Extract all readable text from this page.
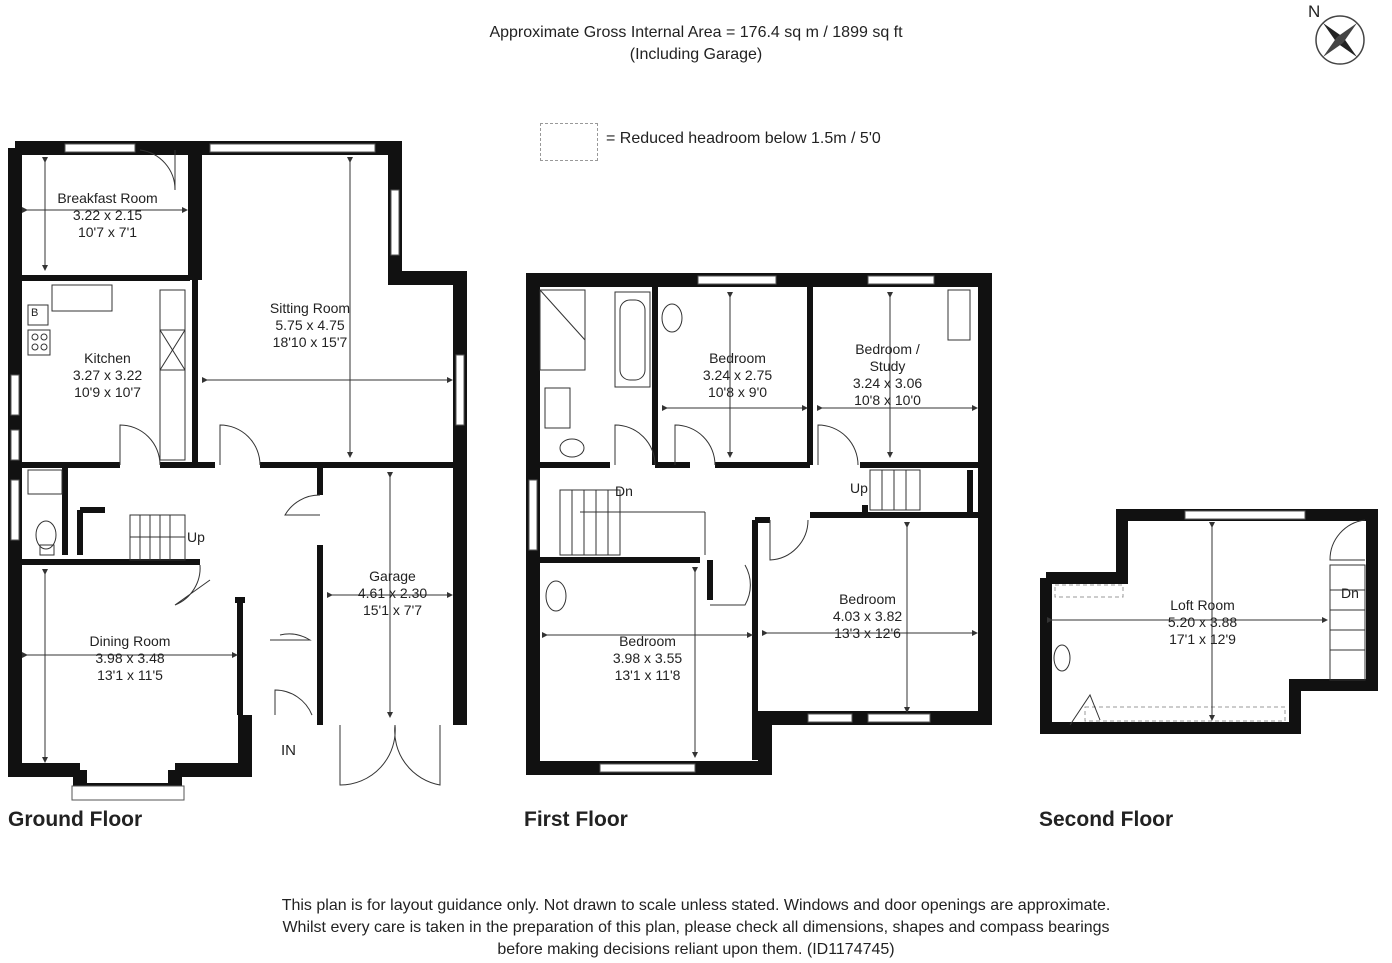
Approximate Gross Internal Area = 176.4 sq m / 1899 sq ft
(Including Garage)
= Reduced headroom below 1.5m / 5'0
N
Breakfast Room
3.22 x 2.15
10'7 x 7'1
Kitchen
3.27 x 3.22
10'9 x 10'7
Sitting Room
5.75 x 4.75
18'10 x 15'7
Dining Room
3.98 x 3.48
13'1 x 11'5
Garage
4.61 x 2.30
15'1 x 7'7
Up
IN
B
Ground Floor
Bedroom
3.24 x 2.75
10'8 x 9'0
Bedroom /
Study
3.24 x 3.06
10'8 x 10'0
Bedroom
3.98 x 3.55
13'1 x 11'8
Bedroom
4.03 x 3.82
13'3 x 12'6
Dn	Up
First Floor
Loft Room
5.20 x 3.88
17'1 x 12'9
Dn
Second Floor
This plan is for layout guidance only. Not drawn to scale unless stated. Windows and door openings are approximate.
Whilst every care is taken in the preparation of this plan, please check all dimensions, shapes and compass bearings
before making decisions reliant upon them. (ID1174745)
